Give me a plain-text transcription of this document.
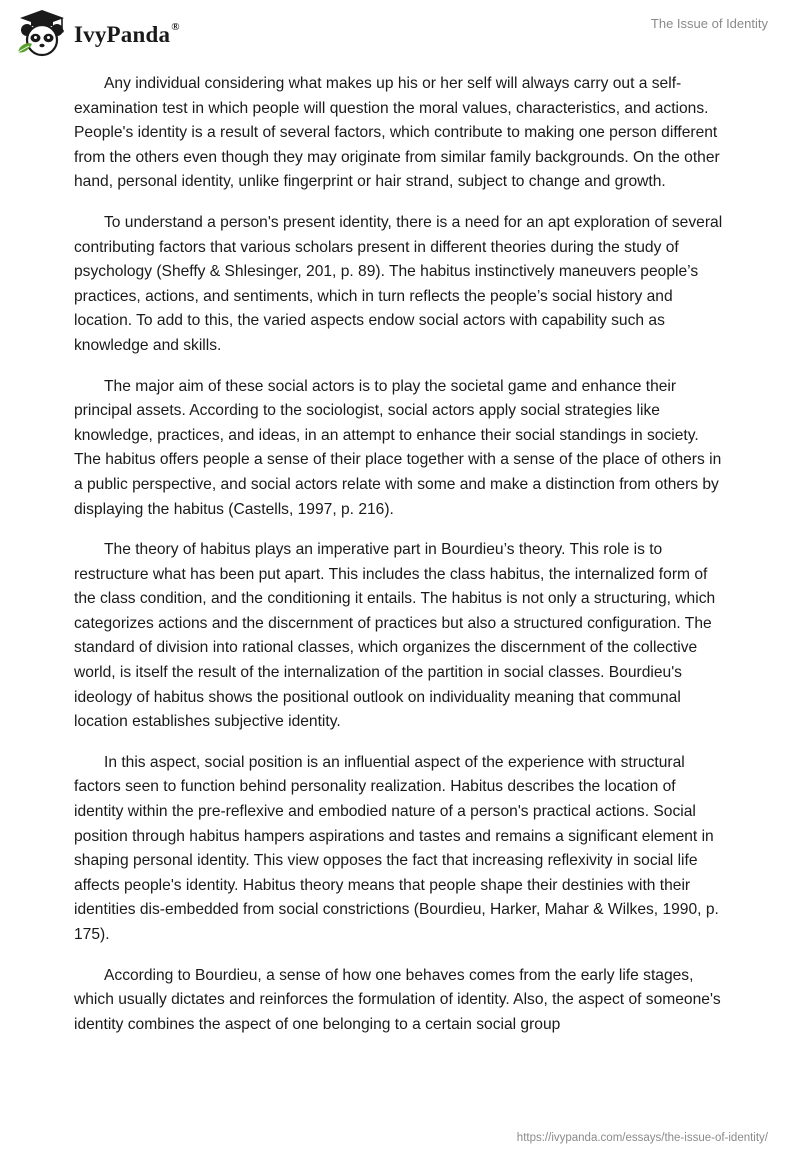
IvyPanda®	The Issue of Identity

Any individual considering what makes up his or her self will always carry out a self-examination test in which people will question the moral values, characteristics, and actions. People's identity is a result of several factors, which contribute to making one person different from the others even though they may originate from similar family backgrounds. On the other hand, personal identity, unlike fingerprint or hair strand, subject to change and growth.

To understand a person's present identity, there is a need for an apt exploration of several contributing factors that various scholars present in different theories during the study of psychology (Sheffy & Shlesinger, 201, p. 89). The habitus instinctively maneuvers people’s practices, actions, and sentiments, which in turn reflects the people’s social history and location. To add to this, the varied aspects endow social actors with capability such as knowledge and skills.

The major aim of these social actors is to play the societal game and enhance their principal assets. According to the sociologist, social actors apply social strategies like knowledge, practices, and ideas, in an attempt to enhance their social standings in society. The habitus offers people a sense of their place together with a sense of the place of others in a public perspective, and social actors relate with some and make a distinction from others by displaying the habitus (Castells, 1997, p. 216).

The theory of habitus plays an imperative part in Bourdieu’s theory. This role is to restructure what has been put apart. This includes the class habitus, the internalized form of the class condition, and the conditioning it entails. The habitus is not only a structuring, which categorizes actions and the discernment of practices but also a structured configuration. The standard of division into rational classes, which organizes the discernment of the collective world, is itself the result of the internalization of the partition in social classes. Bourdieu's ideology of habitus shows the positional outlook on individuality meaning that communal location establishes subjective identity.

In this aspect, social position is an influential aspect of the experience with structural factors seen to function behind personality realization. Habitus describes the location of identity within the pre-reflexive and embodied nature of a person's practical actions. Social position through habitus hampers aspirations and tastes and remains a significant element in shaping personal identity. This view opposes the fact that increasing reflexivity in social life affects people's identity. Habitus theory means that people shape their destinies with their identities dis-embedded from social constrictions (Bourdieu, Harker, Mahar & Wilkes, 1990, p. 175).

According to Bourdieu, a sense of how one behaves comes from the early life stages, which usually dictates and reinforces the formulation of identity. Also, the aspect of someone's identity combines the aspect of one belonging to a certain social group

https://ivypanda.com/essays/the-issue-of-identity/
